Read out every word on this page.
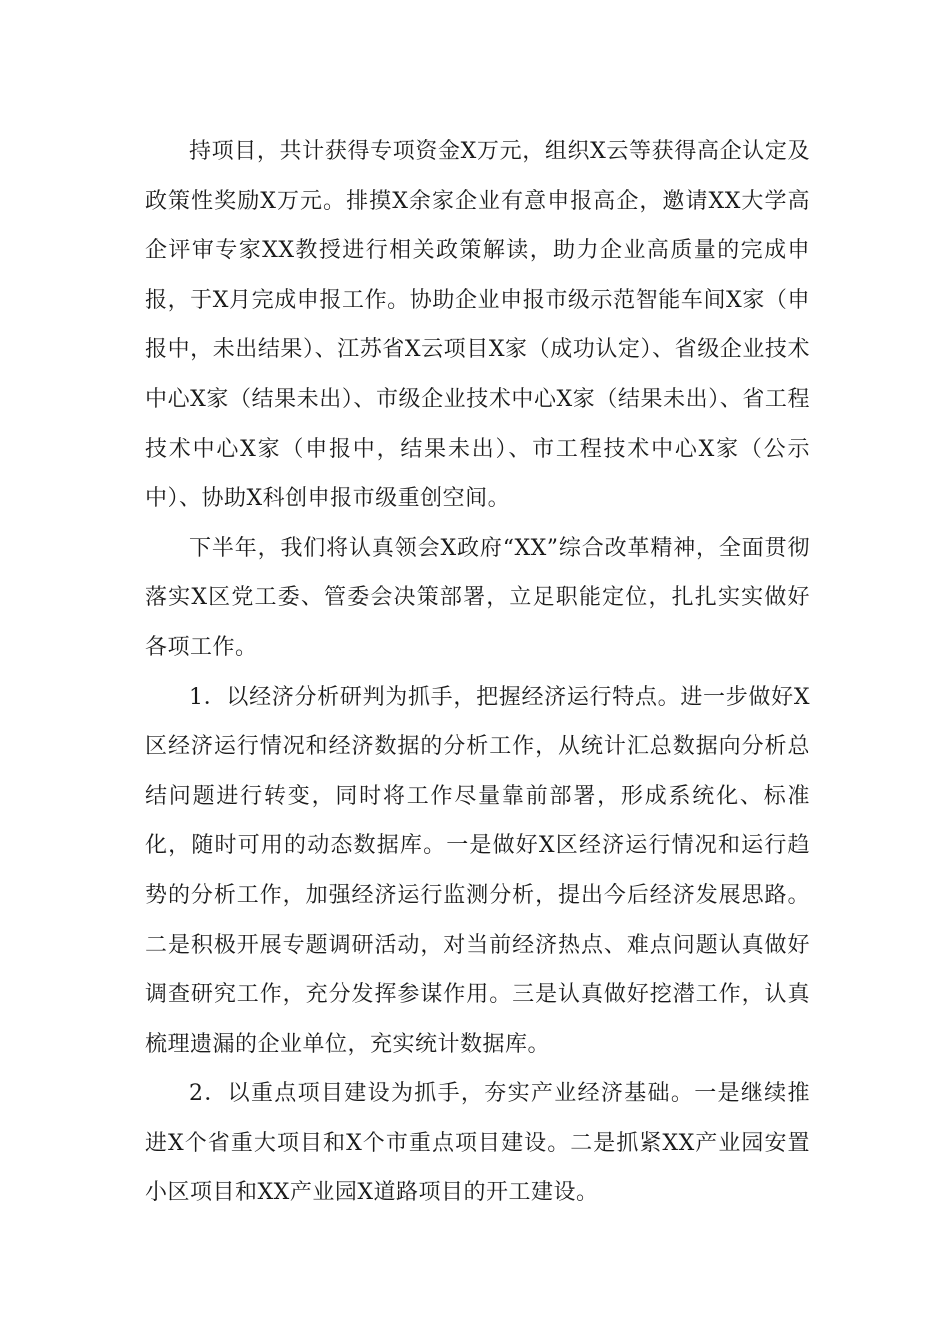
持项目，共计获得专项资金X万元，组织X云等获得高企认定及政策性奖励X万元。排摸X余家企业有意申报高企，邀请XX大学高企评审专家XX教授进行相关政策解读，助力企业高质量的完成申报，于X月完成申报工作。协助企业申报市级示范智能车间X家（申报中，未出结果）、江苏省X云项目X家（成功认定）、省级企业技术中心X家（结果未出）、市级企业技术中心X家（结果未出）、省工程技术中心X家（申报中，结果未出）、市工程技术中心X家（公示中）、协助X科创申报市级重创空间。

下半年，我们将认真领会X政府“XX”综合改革精神，全面贯彻落实X区党工委、管委会决策部署，立足职能定位，扎扎实实做好各项工作。

1．以经济分析研判为抓手，把握经济运行特点。进一步做好X区经济运行情况和经济数据的分析工作，从统计汇总数据向分析总结问题进行转变，同时将工作尽量靠前部署，形成系统化、标准化，随时可用的动态数据库。一是做好X区经济运行情况和运行趋势的分析工作，加强经济运行监测分析，提出今后经济发展思路。二是积极开展专题调研活动，对当前经济热点、难点问题认真做好调查研究工作，充分发挥参谋作用。三是认真做好挖潜工作，认真梳理遗漏的企业单位，充实统计数据库。

2．以重点项目建设为抓手，夯实产业经济基础。一是继续推进X个省重大项目和X个市重点项目建设。二是抓紧XX产业园安置小区项目和XX产业园X道路项目的开工建设。
